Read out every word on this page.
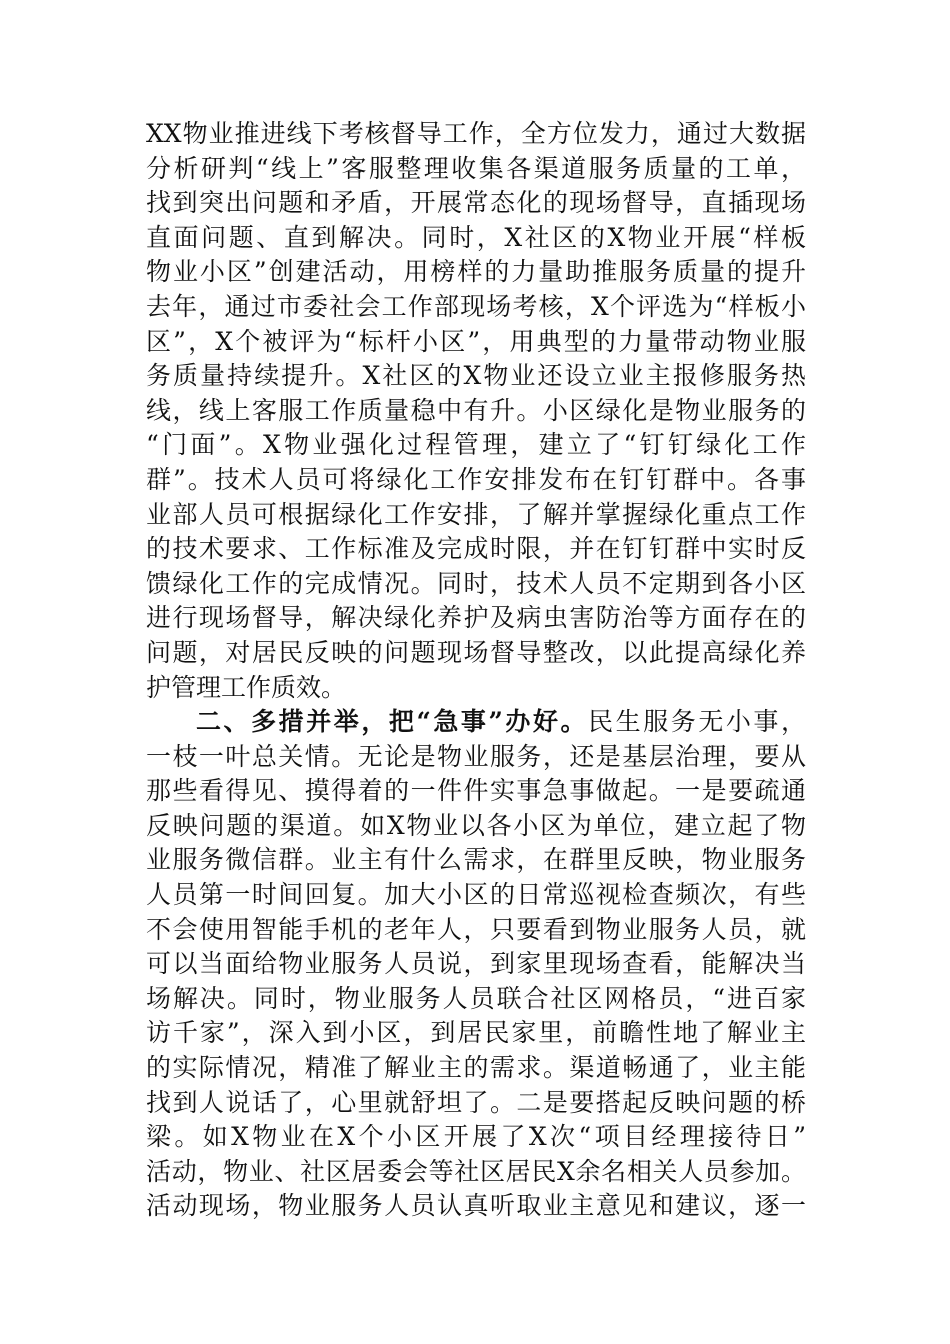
XX物业推进线下考核督导工作，全方位发力，通过大数据
分析研判“线上”客服整理收集各渠道服务质量的工单，
找到突出问题和矛盾，开展常态化的现场督导，直插现场
直面问题、直到解决。同时，X社区的X物业开展“样板
物业小区”创建活动，用榜样的力量助推服务质量的提升
去年，通过市委社会工作部现场考核，X个评选为“样板小
区”，X个被评为“标杆小区”，用典型的力量带动物业服
务质量持续提升。X社区的X物业还设立业主报修服务热
线，线上客服工作质量稳中有升。小区绿化是物业服务的
“门面”。X物业强化过程管理，建立了“钉钉绿化工作
群”。技术人员可将绿化工作安排发布在钉钉群中。各事
业部人员可根据绿化工作安排，了解并掌握绿化重点工作
的技术要求、工作标准及完成时限，并在钉钉群中实时反
馈绿化工作的完成情况。同时，技术人员不定期到各小区
进行现场督导，解决绿化养护及病虫害防治等方面存在的
问题，对居民反映的问题现场督导整改，以此提高绿化养
护管理工作质效。
二、多措并举，把“急事”办好。民生服务无小事，
一枝一叶总关情。无论是物业服务，还是基层治理，要从
那些看得见、摸得着的一件件实事急事做起。一是要疏通
反映问题的渠道。如X物业以各小区为单位，建立起了物
业服务微信群。业主有什么需求，在群里反映，物业服务
人员第一时间回复。加大小区的日常巡视检查频次，有些
不会使用智能手机的老年人，只要看到物业服务人员，就
可以当面给物业服务人员说，到家里现场查看，能解决当
场解决。同时，物业服务人员联合社区网格员，“进百家
访千家”，深入到小区，到居民家里，前瞻性地了解业主
的实际情况，精准了解业主的需求。渠道畅通了，业主能
找到人说话了，心里就舒坦了。二是要搭起反映问题的桥
梁。如X物业在X个小区开展了X次“项目经理接待日”
活动，物业、社区居委会等社区居民X余名相关人员参加。
活动现场，物业服务人员认真听取业主意见和建议，逐一
